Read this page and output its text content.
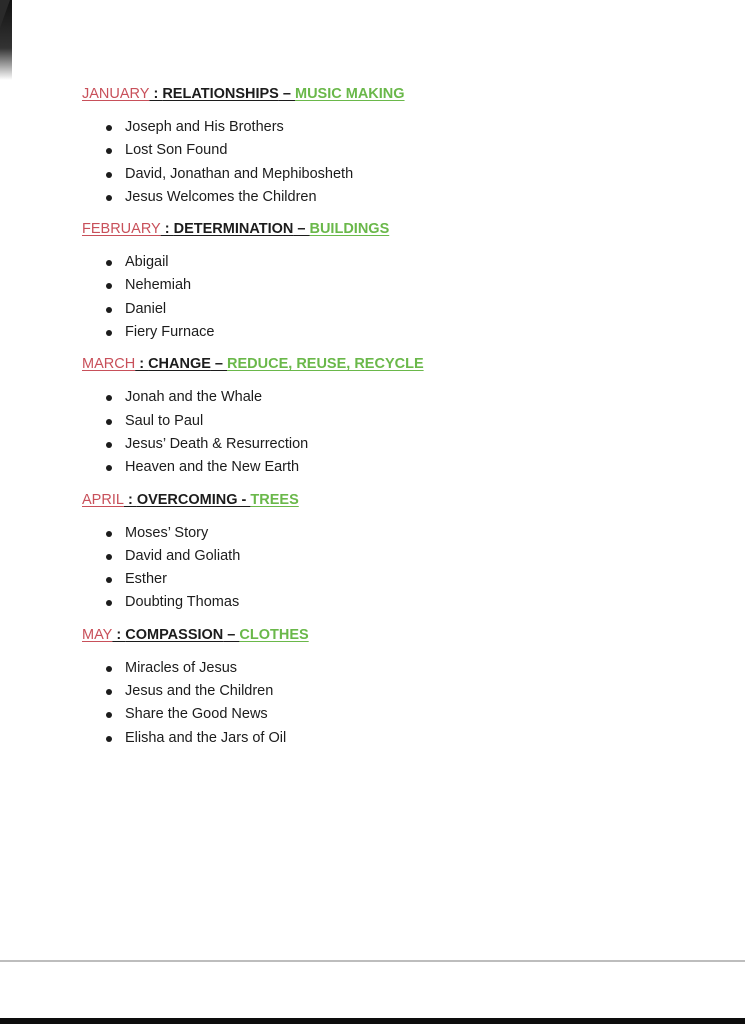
JANUARY : RELATIONSHIPS – MUSIC MAKING
Joseph and His Brothers
Lost Son Found
David, Jonathan and Mephibosheth
Jesus Welcomes the Children
FEBRUARY : DETERMINATION – BUILDINGS
Abigail
Nehemiah
Daniel
Fiery Furnace
MARCH : CHANGE – REDUCE, REUSE, RECYCLE
Jonah and the Whale
Saul to Paul
Jesus’ Death & Resurrection
Heaven and the New Earth
APRIL : OVERCOMING - TREES
Moses’ Story
David and Goliath
Esther
Doubting Thomas
MAY : COMPASSION – CLOTHES
Miracles of Jesus
Jesus and the Children
Share the Good News
Elisha and the Jars of Oil
